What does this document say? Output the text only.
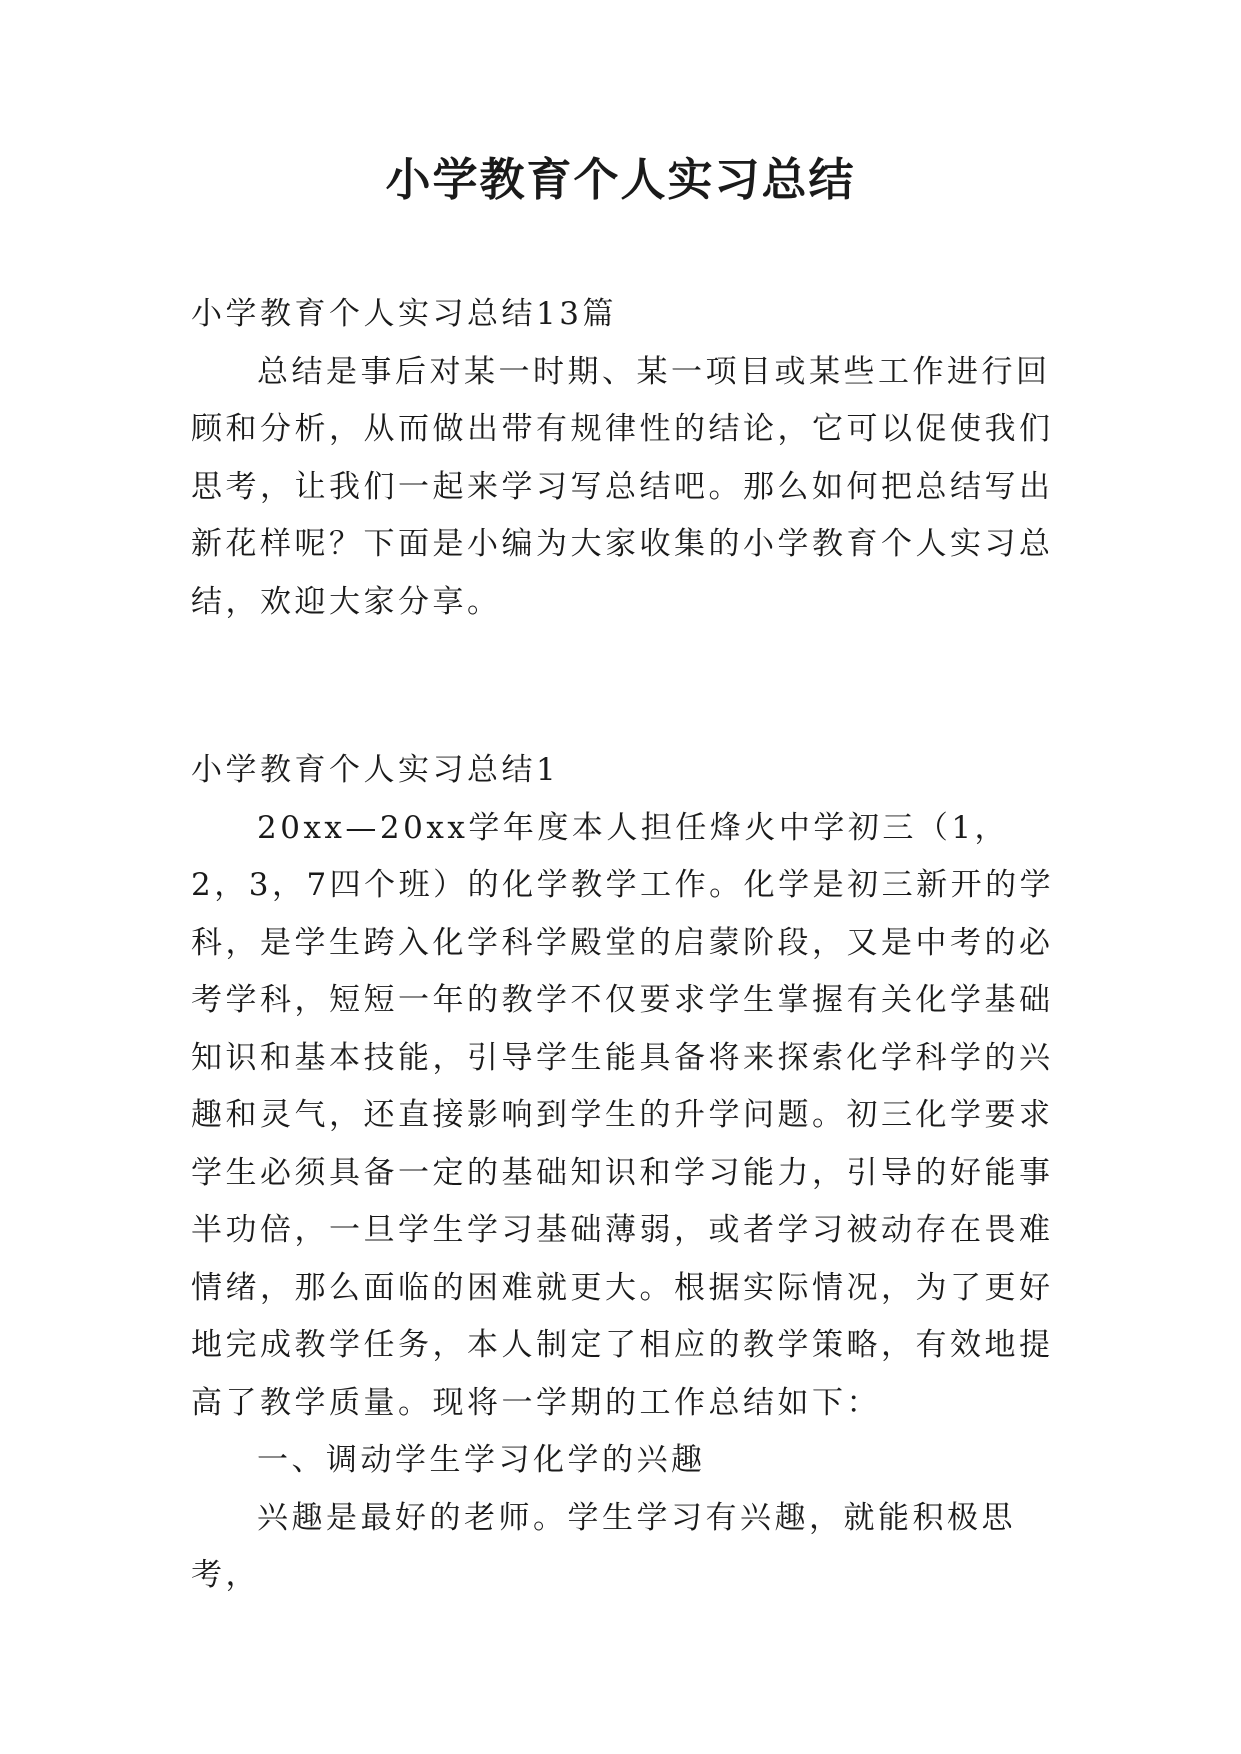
小学教育个人实习总结

小学教育个人实习总结13篇

总结是事后对某一时期、某一项目或某些工作进行回顾和分析，从而做出带有规律性的结论，它可以促使我们思考，让我们一起来学习写总结吧。那么如何把总结写出新花样呢？下面是小编为大家收集的小学教育个人实习总结，欢迎大家分享。

小学教育个人实习总结1

20xx—20xx学年度本人担任烽火中学初三（1，2，3，7四个班）的化学教学工作。化学是初三新开的学科，是学生跨入化学科学殿堂的启蒙阶段，又是中考的必考学科，短短一年的教学不仅要求学生掌握有关化学基础知识和基本技能，引导学生能具备将来探索化学科学的兴趣和灵气，还直接影响到学生的升学问题。初三化学要求学生必须具备一定的基础知识和学习能力，引导的好能事半功倍，一旦学生学习基础薄弱，或者学习被动存在畏难情绪，那么面临的困难就更大。根据实际情况，为了更好地完成教学任务，本人制定了相应的教学策略，有效地提高了教学质量。现将一学期的工作总结如下：

一、调动学生学习化学的兴趣

兴趣是最好的老师。学生学习有兴趣，就能积极思考，
